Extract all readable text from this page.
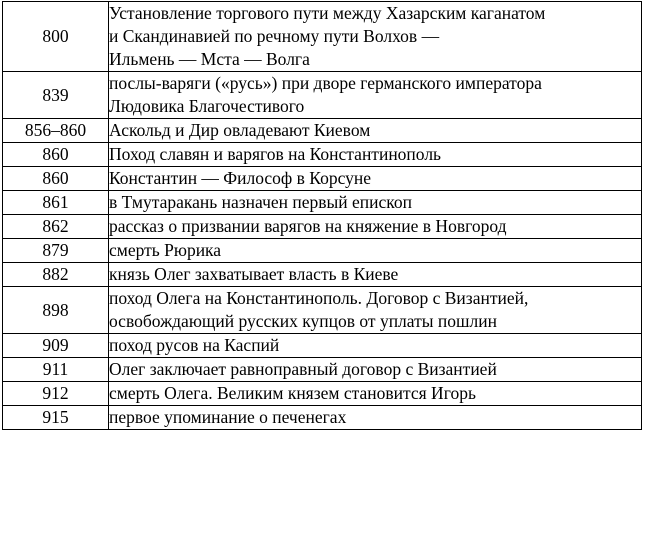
800	Установление торгового пути между Хазарским каганатом
и Скандинавией по речному пути Волхов —
Ильмень — Мста — Волга

839	послы-варяги («русь») при дворе германского императора
Людовика Благочестивого

856–860	Аскольд и Дир овладевают Киевом

860	Поход славян и варягов на Константинополь

860	Константин — Философ в Корсуне

861	в Тмутаракань назначен первый епископ

862	рассказ о призвании варягов на княжение в Новгород

879	смерть Рюрика

882	князь Олег захватывает власть в Киеве

898	поход Олега на Константинополь. Договор с Византией,
освобождающий русских купцов от уплаты пошлин

909	поход русов на Каспий

911	Олег заключает равноправный договор с Византией

912	смерть Олега. Великим князем становится Игорь

915	первое упоминание о печенегах
